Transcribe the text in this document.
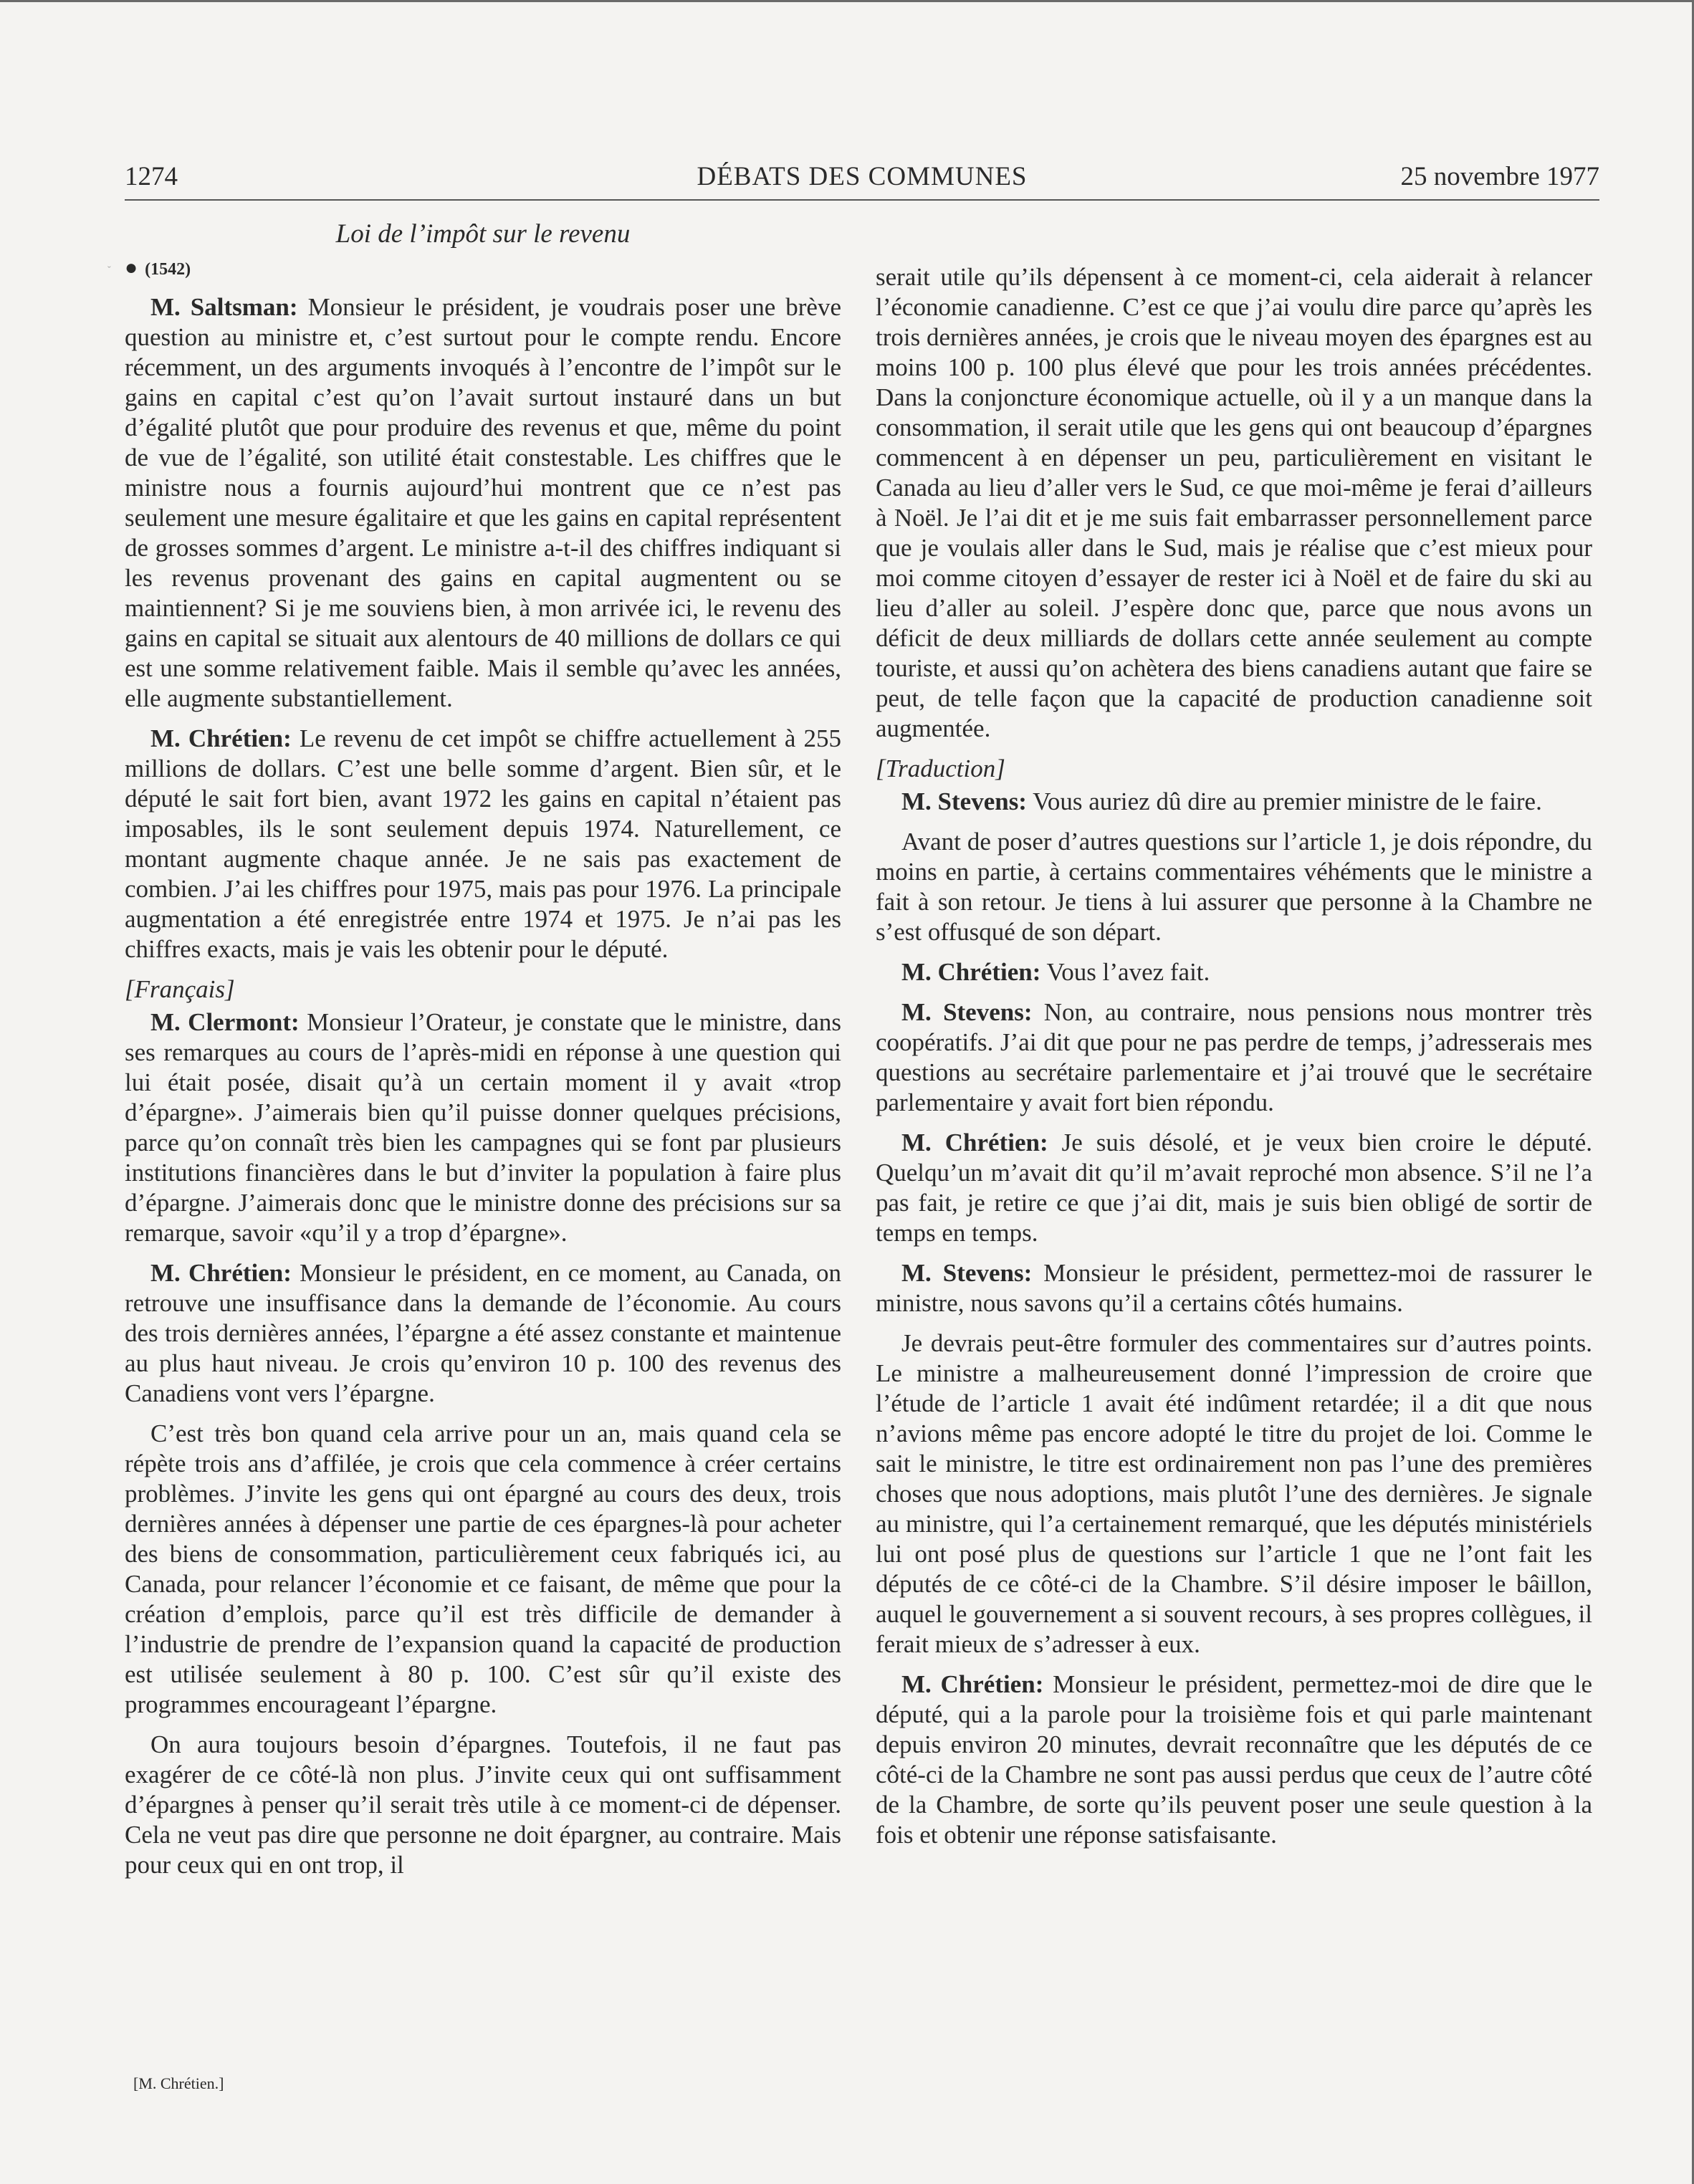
1274	DÉBATS DES COMMUNES	25 novembre 1977
Loi de l’impôt sur le revenu
ˇ ● (1542)

M. Saltsman: Monsieur le président, je voudrais poser une brève question au ministre et, c’est surtout pour le compte rendu. Encore récemment, un des arguments invoqués à l’encontre de l’impôt sur le gains en capital c’est qu’on l’avait surtout instauré dans un but d’égalité plutôt que pour produire des revenus et que, même du point de vue de l’égalité, son utilité était constestable. Les chiffres que le ministre nous a fournis aujourd’hui montrent que ce n’est pas seulement une mesure égalitaire et que les gains en capital représentent de grosses sommes d’argent. Le ministre a-t-il des chiffres indiquant si les revenus provenant des gains en capital augmentent ou se maintiennent? Si je me souviens bien, à mon arrivée ici, le revenu des gains en capital se situait aux alentours de 40 millions de dollars ce qui est une somme relativement faible. Mais il semble qu’avec les années, elle augmente substantiellement.

M. Chrétien: Le revenu de cet impôt se chiffre actuellement à 255 millions de dollars. C’est une belle somme d’argent. Bien sûr, et le député le sait fort bien, avant 1972 les gains en capital n’étaient pas imposables, ils le sont seulement depuis 1974. Naturellement, ce montant augmente chaque année. Je ne sais pas exactement de combien. J’ai les chiffres pour 1975, mais pas pour 1976. La principale augmentation a été enregistrée entre 1974 et 1975. Je n’ai pas les chiffres exacts, mais je vais les obtenir pour le député.

[Français]

M. Clermont: Monsieur l’Orateur, je constate que le ministre, dans ses remarques au cours de l’après-midi en réponse à une question qui lui était posée, disait qu’à un certain moment il y avait «trop d’épargne». J’aimerais bien qu’il puisse donner quelques précisions, parce qu’on connaît très bien les campagnes qui se font par plusieurs institutions financières dans le but d’inviter la population à faire plus d’épargne. J’aimerais donc que le ministre donne des précisions sur sa remarque, savoir «qu’il y a trop d’épargne».

M. Chrétien: Monsieur le président, en ce moment, au Canada, on retrouve une insuffisance dans la demande de l’économie. Au cours des trois dernières années, l’épargne a été assez constante et maintenue au plus haut niveau. Je crois qu’environ 10 p. 100 des revenus des Canadiens vont vers l’épargne.

C’est très bon quand cela arrive pour un an, mais quand cela se répète trois ans d’affilée, je crois que cela commence à créer certains problèmes. J’invite les gens qui ont épargné au cours des deux, trois dernières années à dépenser une partie de ces épargnes-là pour acheter des biens de consommation, particulièrement ceux fabriqués ici, au Canada, pour relancer l’économie et ce faisant, de même que pour la création d’emplois, parce qu’il est très difficile de demander à l’industrie de prendre de l’expansion quand la capacité de production est utilisée seulement à 80 p. 100. C’est sûr qu’il existe des programmes encourageant l’épargne.

On aura toujours besoin d’épargnes. Toutefois, il ne faut pas exagérer de ce côté-là non plus. J’invite ceux qui ont suffisamment d’épargnes à penser qu’il serait très utile à ce moment-ci de dépenser. Cela ne veut pas dire que personne ne doit épargner, au contraire. Mais pour ceux qui en ont trop, il

serait utile qu’ils dépensent à ce moment-ci, cela aiderait à relancer l’économie canadienne. C’est ce que j’ai voulu dire parce qu’après les trois dernières années, je crois que le niveau moyen des épargnes est au moins 100 p. 100 plus élevé que pour les trois années précédentes. Dans la conjoncture économique actuelle, où il y a un manque dans la consommation, il serait utile que les gens qui ont beaucoup d’épargnes commencent à en dépenser un peu, particulièrement en visitant le Canada au lieu d’aller vers le Sud, ce que moi-même je ferai d’ailleurs à Noël. Je l’ai dit et je me suis fait embarrasser personnellement parce que je voulais aller dans le Sud, mais je réalise que c’est mieux pour moi comme citoyen d’essayer de rester ici à Noël et de faire du ski au lieu d’aller au soleil. J’espère donc que, parce que nous avons un déficit de deux milliards de dollars cette année seulement au compte touriste, et aussi qu’on achètera des biens canadiens autant que faire se peut, de telle façon que la capacité de production canadienne soit augmentée.

[Traduction]

M. Stevens: Vous auriez dû dire au premier ministre de le faire.

Avant de poser d’autres questions sur l’article 1, je dois répondre, du moins en partie, à certains commentaires véhéments que le ministre a fait à son retour. Je tiens à lui assurer que personne à la Chambre ne s’est offusqué de son départ.

M. Chrétien: Vous l’avez fait.

M. Stevens: Non, au contraire, nous pensions nous montrer très coopératifs. J’ai dit que pour ne pas perdre de temps, j’adresserais mes questions au secrétaire parlementaire et j’ai trouvé que le secrétaire parlementaire y avait fort bien répondu.

M. Chrétien: Je suis désolé, et je veux bien croire le député. Quelqu’un m’avait dit qu’il m’avait reproché mon absence. S’il ne l’a pas fait, je retire ce que j’ai dit, mais je suis bien obligé de sortir de temps en temps.

M. Stevens: Monsieur le président, permettez-moi de rassurer le ministre, nous savons qu’il a certains côtés humains.

Je devrais peut-être formuler des commentaires sur d’autres points. Le ministre a malheureusement donné l’impression de croire que l’étude de l’article 1 avait été indûment retardée; il a dit que nous n’avions même pas encore adopté le titre du projet de loi. Comme le sait le ministre, le titre est ordinairement non pas l’une des premières choses que nous adoptions, mais plutôt l’une des dernières. Je signale au ministre, qui l’a certainement remarqué, que les députés ministériels lui ont posé plus de questions sur l’article 1 que ne l’ont fait les députés de ce côté-ci de la Chambre. S’il désire imposer le bâillon, auquel le gouvernement a si souvent recours, à ses propres collègues, il ferait mieux de s’adresser à eux.

M. Chrétien: Monsieur le président, permettez-moi de dire que le député, qui a la parole pour la troisième fois et qui parle maintenant depuis environ 20 minutes, devrait reconnaître que les députés de ce côté-ci de la Chambre ne sont pas aussi perdus que ceux de l’autre côté de la Chambre, de sorte qu’ils peuvent poser une seule question à la fois et obtenir une réponse satisfaisante.

[M. Chrétien.]
